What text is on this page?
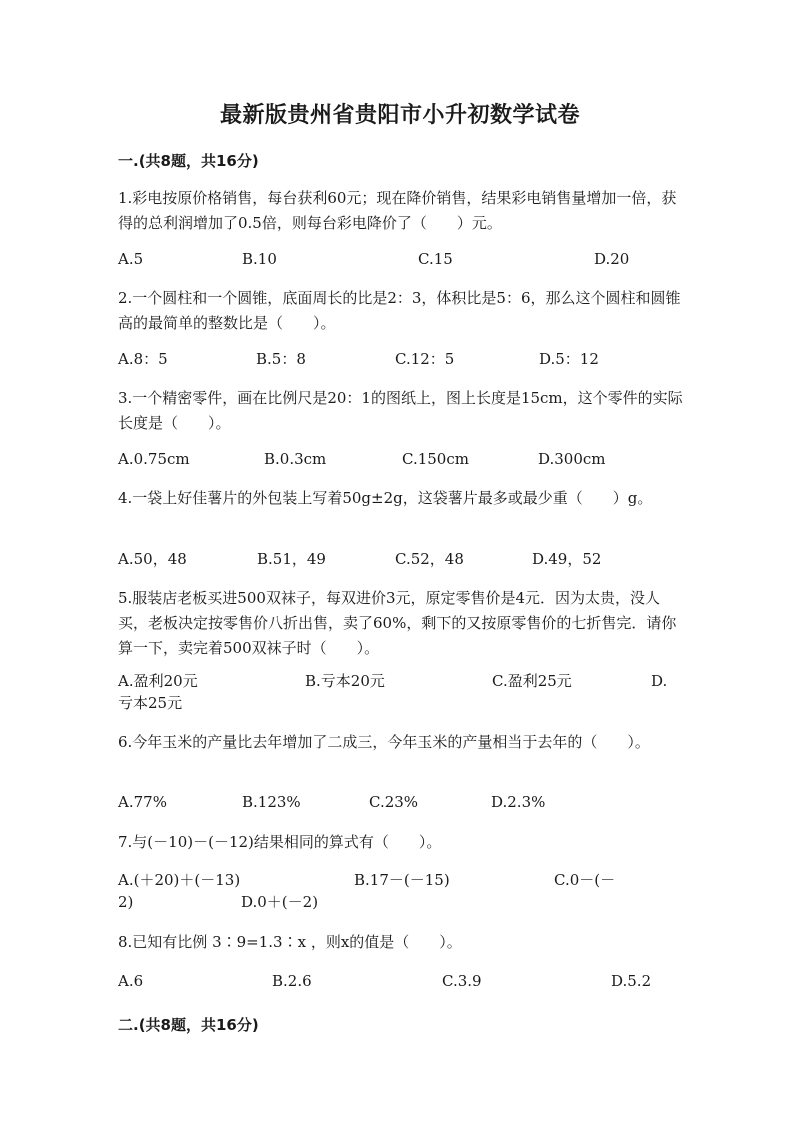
最新版贵州省贵阳市小升初数学试卷
一.(共8题，共16分)
1.彩电按原价格销售，每台获利60元；现在降价销售，结果彩电销售量增加一倍，获得的总利润增加了0.5倍，则每台彩电降价了（　　）元。
A.5	B.10	C.15	D.20
2.一个圆柱和一个圆锥，底面周长的比是2：3，体积比是5：6，那么这个圆柱和圆锥高的最简单的整数比是（　　）。
A.8：5	B.5：8	C.12：5	D.5：12
3.一个精密零件，画在比例尺是20：1的图纸上，图上长度是15cm，这个零件的实际长度是（　　）。
A.0.75cm	B.0.3cm	C.150cm	D.300cm
4.一袋上好佳薯片的外包装上写着50g±2g，这袋薯片最多或最少重（　　）g。
A.50，48	B.51，49	C.52，48	D.49，52
5.服装店老板买进500双袜子，每双进价3元，原定零售价是4元．因为太贵，没人买，老板决定按零售价八折出售，卖了60%，剩下的又按原零售价的七折售完．请你算一下，卖完着500双袜子时（　　）。
A.盈利20元	B.亏本20元	C.盈利25元	D.
亏本25元
6.今年玉米的产量比去年增加了二成三，今年玉米的产量相当于去年的（　　）。
A.77%	B.123%	C.23%	D.2.3%
7.与(－10)－(－12)结果相同的算式有（　　）。
A.(＋20)＋(－13)	B.17－(－15)	C.0－(－
2)	D.0＋(－2)
8.已知有比例 3∶9=1.3∶x ，则x的值是（　　）。
A.6	B.2.6	C.3.9	D.5.2
二.(共8题，共16分)
